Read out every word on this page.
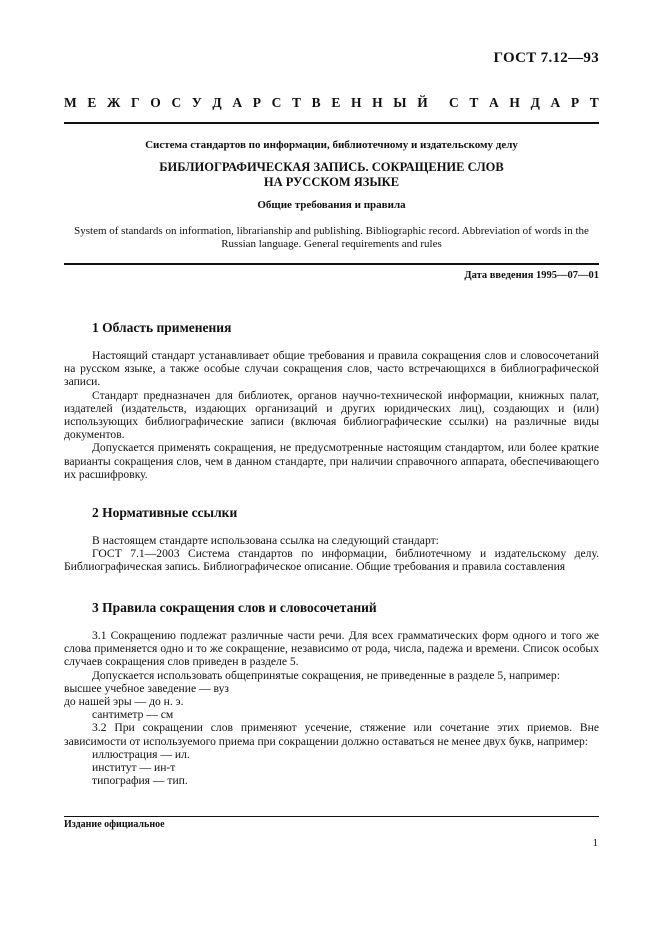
ГОСТ 7.12—93
М Е Ж Г О С У Д А Р С Т В Е Н Н Ы Й С Т А Н Д А Р Т
Система стандартов по информации, библиотечному и издательскому делу
БИБЛИОГРАФИЧЕСКАЯ ЗАПИСЬ. СОКРАЩЕНИЕ СЛОВ
НА РУССКОМ ЯЗЫКЕ
Общие требования и правила
System of standards on information, librarianship and publishing. Bibliographic record. Abbreviation of words in the
Russian language. General requirements and rules
Дата введения 1995—07—01
1 Область применения

Настоящий стандарт устанавливает общие требования и правила сокращения слов и словосочетаний на русском языке, а также особые случаи сокращения слов, часто встречающихся в библиографической записи.

Стандарт предназначен для библиотек, органов научно-технической информации, книжных палат, издателей (издательств, издающих организаций и других юридических лиц), создающих и (или) использующих библиографические записи (включая библиографические ссылки) на различные виды документов.

Допускается применять сокращения, не предусмотренные настоящим стандартом, или более краткие варианты сокращения слов, чем в данном стандарте, при наличии справочного аппарата, обеспечивающего их расшифровку.

2 Нормативные ссылки

В настоящем стандарте использована ссылка на следующий стандарт:

ГОСТ 7.1—2003 Система стандартов по информации, библиотечному и издательскому делу. Библиографическая запись. Библиографическое описание. Общие требования и правила составления

3 Правила сокращения слов и словосочетаний

3.1 Сокращению подлежат различные части речи. Для всех грамматических форм одного и того же слова применяется одно и то же сокращение, независимо от рода, числа, падежа и времени. Список особых случаев сокращения слов приведен в разделе 5.

Допускается использовать общепринятые сокращения, не приведенные в разделе 5, например:

высшее учебное заведение — вуз

до нашей эры — до н. э.

сантиметр — см

3.2 При сокращении слов применяют усечение, стяжение или сочетание этих приемов. Вне зависимости от используемого приема при сокращении должно оставаться не менее двух букв, например:

иллюстрация — ил.

институт — ин-т

типография — тип.

Издание официальное
1
